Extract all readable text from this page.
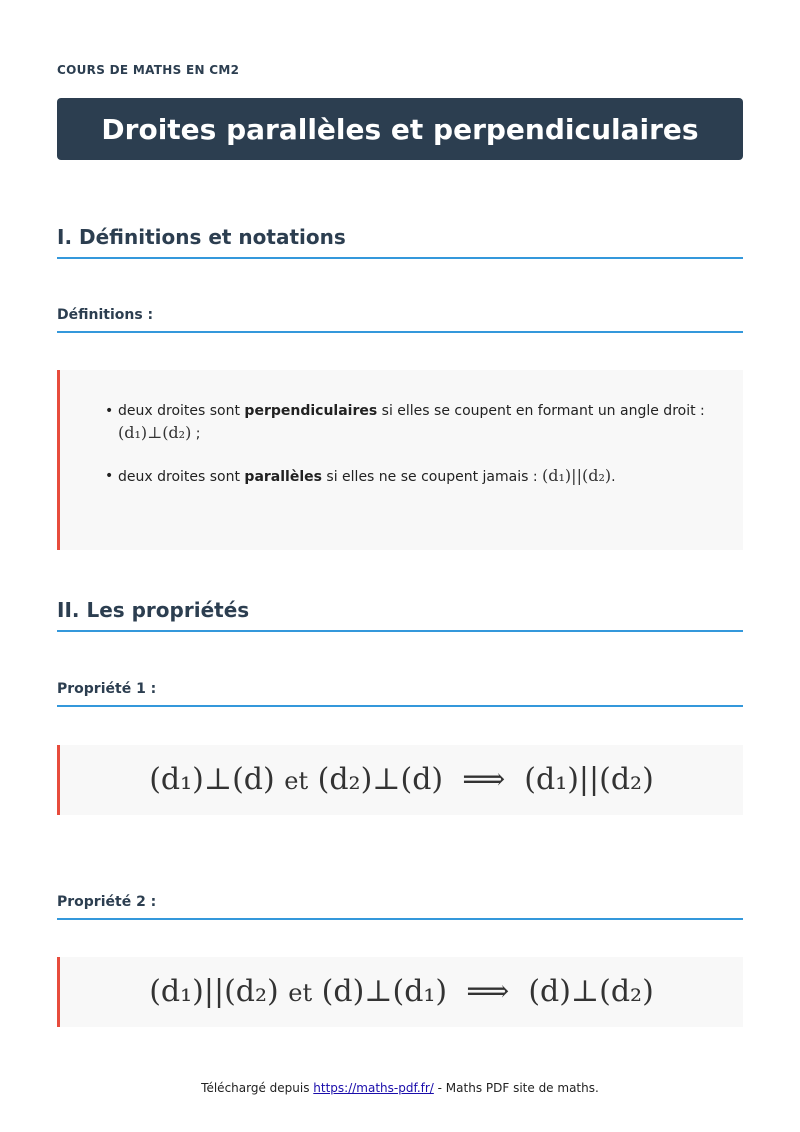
COURS DE MATHS EN CM2
Droites parallèles et perpendiculaires
I. Définitions et notations
Définitions :
• deux droites sont perpendiculaires si elles se coupent en formant un angle droit :
(d₁)⊥(d₂) ;
• deux droites sont parallèles si elles ne se coupent jamais : (d₁)||(d₂).
II. Les propriétés
Propriété 1 :
(d₁)⊥(d) et (d₂)⊥(d) ⟹ (d₁)||(d₂)
Propriété 2 :
(d₁)||(d₂) et (d)⊥(d₁) ⟹ (d)⊥(d₂)
Téléchargé depuis https://maths-pdf.fr/ - Maths PDF site de maths.
